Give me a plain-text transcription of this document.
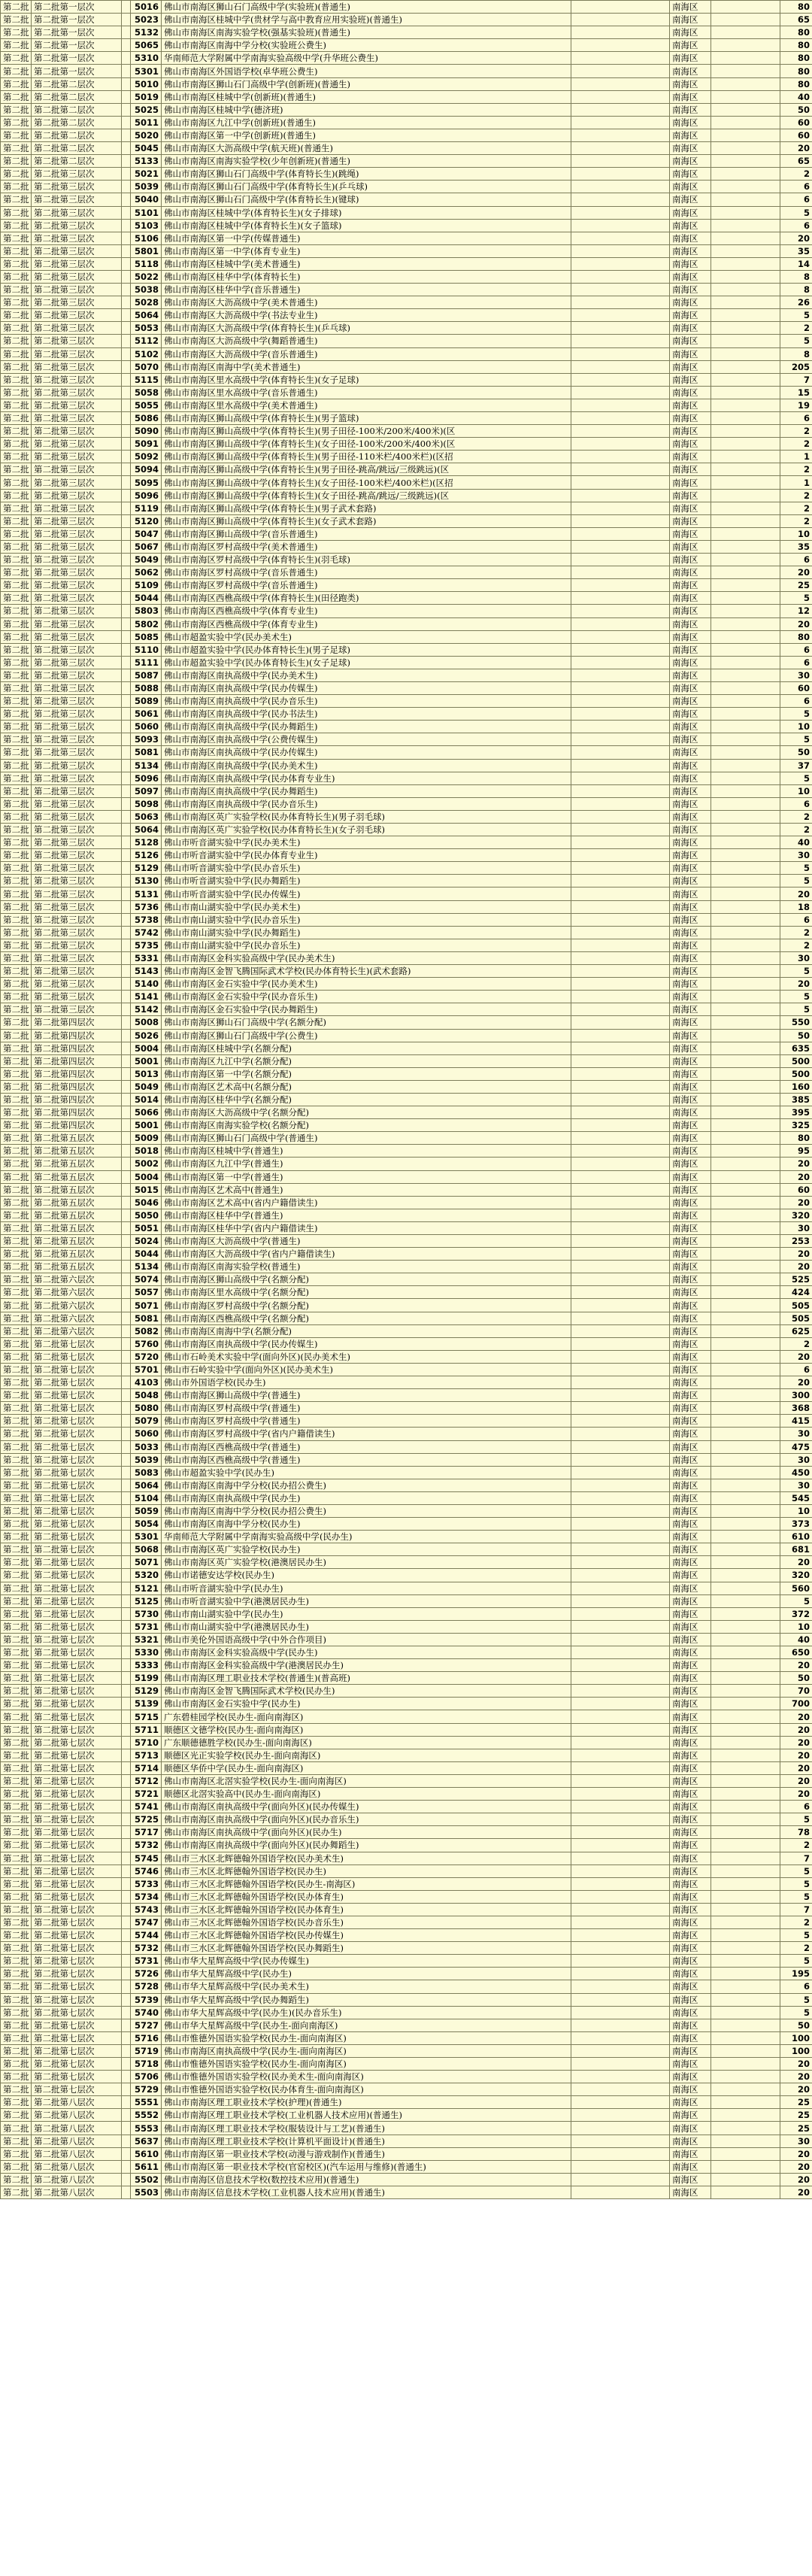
第二批	第二批第一层次		5016	佛山市南海区狮山石门高级中学(实验班)(普通生)		南海区		80
第二批	第二批第一层次		5023	佛山市南海区桂城中学(贵材学与高中教育应用实验班)(普通生)		南海区		65
第二批	第二批第一层次		5132	佛山市南海区南海实验学校(强基实验班)(普通生)		南海区		80
第二批	第二批第一层次		5065	佛山市南海区南海中学分校(实验班公费生)		南海区		80
第二批	第二批第一层次		5310	华南师范大学附属中学南海实验高级中学(升华班公费生)		南海区		80
第二批	第二批第一层次		5301	佛山市南海区外国语学校(卓华班公费生)		南海区		80
第二批	第二批第二层次		5010	佛山市南海区狮山石门高级中学(创新班)(普通生)		南海区		80
第二批	第二批第二层次		5019	佛山市南海区桂城中学(创新班)(普通生)		南海区		40
第二批	第二批第二层次		5025	佛山市南海区桂城中学(德济班)		南海区		50
第二批	第二批第二层次		5011	佛山市南海区九江中学(创新班)(普通生)		南海区		60
第二批	第二批第二层次		5020	佛山市南海区第一中学(创新班)(普通生)		南海区		60
第二批	第二批第二层次		5045	佛山市南海区大沥高级中学(航天班)(普通生)		南海区		20
第二批	第二批第二层次		5133	佛山市南海区南海实验学校(少年创新班)(普通生)		南海区		65
第二批	第二批第三层次		5021	佛山市南海区狮山石门高级中学(体育特长生)(跳绳)		南海区		2
第二批	第二批第三层次		5039	佛山市南海区狮山石门高级中学(体育特长生)(乒乓球)		南海区		6
第二批	第二批第三层次		5040	佛山市南海区狮山石门高级中学(体育特长生)(键球)		南海区		6
第二批	第二批第三层次		5101	佛山市南海区桂城中学(体育特长生)(女子排球)		南海区		5
第二批	第二批第三层次		5103	佛山市南海区桂城中学(体育特长生)(女子篮球)		南海区		6
第二批	第二批第三层次		5106	佛山市南海区第一中学(传媒普通生)		南海区		20
第二批	第二批第三层次		5801	佛山市南海区第一中学(体育专业生)		南海区		35
第二批	第二批第三层次		5118	佛山市南海区桂城中学(美术普通生)		南海区		14
第二批	第二批第三层次		5022	佛山市南海区桂华中学(体育特长生)		南海区		8
第二批	第二批第三层次		5038	佛山市南海区桂华中学(音乐普通生)		南海区		8
第二批	第二批第三层次		5028	佛山市南海区大沥高级中学(美术普通生)		南海区		26
第二批	第二批第三层次		5064	佛山市南海区大沥高级中学(书法专业生)		南海区		5
第二批	第二批第三层次		5053	佛山市南海区大沥高级中学(体育特长生)(乒乓球)		南海区		2
第二批	第二批第三层次		5112	佛山市南海区大沥高级中学(舞蹈普通生)		南海区		5
第二批	第二批第三层次		5102	佛山市南海区大沥高级中学(音乐普通生)		南海区		8
第二批	第二批第三层次		5070	佛山市南海区南海中学(美术普通生)		南海区		205
第二批	第二批第三层次		5115	佛山市南海区里水高级中学(体育特长生)(女子足球)		南海区		7
第二批	第二批第三层次		5058	佛山市南海区里水高级中学(音乐普通生)		南海区		15
第二批	第二批第三层次		5055	佛山市南海区里水高级中学(美术普通生)		南海区		19
第二批	第二批第三层次		5086	佛山市南海区狮山高级中学(体育特长生)(男子篮球)		南海区		6
第二批	第二批第三层次		5090	佛山市南海区狮山高级中学(体育特长生)(男子田径-100米/200米/400米)(区		南海区		2
第二批	第二批第三层次		5091	佛山市南海区狮山高级中学(体育特长生)(女子田径-100米/200米/400米)(区		南海区		2
第二批	第二批第三层次		5092	佛山市南海区狮山高级中学(体育特长生)(男子田径-110米栏/400米栏)(区招		南海区		1
第二批	第二批第三层次		5094	佛山市南海区狮山高级中学(体育特长生)(男子田径-跳高/跳远/三级跳远)(区		南海区		2
第二批	第二批第三层次		5095	佛山市南海区狮山高级中学(体育特长生)(女子田径-100米栏/400米栏)(区招		南海区		1
第二批	第二批第三层次		5096	佛山市南海区狮山高级中学(体育特长生)(女子田径-跳高/跳远/三级跳远)(区		南海区		2
第二批	第二批第三层次		5119	佛山市南海区狮山高级中学(体育特长生)(男子武术套路)		南海区		2
第二批	第二批第三层次		5120	佛山市南海区狮山高级中学(体育特长生)(女子武术套路)		南海区		2
第二批	第二批第三层次		5047	佛山市南海区狮山高级中学(音乐普通生)		南海区		10
第二批	第二批第三层次		5067	佛山市南海区罗村高级中学(美术普通生)		南海区		35
第二批	第二批第三层次		5049	佛山市南海区罗村高级中学(体育特长生)(羽毛球)		南海区		6
第二批	第二批第三层次		5062	佛山市南海区罗村高级中学(音乐普通生)		南海区		20
第二批	第二批第三层次		5109	佛山市南海区罗村高级中学(音乐普通生)		南海区		25
第二批	第二批第三层次		5044	佛山市南海区西樵高级中学(体育特长生)(田径跑类)		南海区		5
第二批	第二批第三层次		5803	佛山市南海区西樵高级中学(体育专业生)		南海区		12
第二批	第二批第三层次		5802	佛山市南海区西樵高级中学(体育专业生)		南海区		20
第二批	第二批第三层次		5085	佛山市超盈实验中学(民办美术生)		南海区		80
第二批	第二批第三层次		5110	佛山市超盈实验中学(民办体育特长生)(男子足球)		南海区		6
第二批	第二批第三层次		5111	佛山市超盈实验中学(民办体育特长生)(女子足球)		南海区		6
第二批	第二批第三层次		5087	佛山市南海区南执高级中学(民办美术生)		南海区		30
第二批	第二批第三层次		5088	佛山市南海区南执高级中学(民办传媒生)		南海区		60
第二批	第二批第三层次		5089	佛山市南海区南执高级中学(民办音乐生)		南海区		6
第二批	第二批第三层次		5061	佛山市南海区南执高级中学(民办书法生)		南海区		5
第二批	第二批第三层次		5060	佛山市南海区南执高级中学(民办舞蹈生)		南海区		10
第二批	第二批第三层次		5093	佛山市南海区南执高级中学(公费传媒生)		南海区		5
第二批	第二批第三层次		5081	佛山市南海区南执高级中学(民办传媒生)		南海区		50
第二批	第二批第三层次		5134	佛山市南海区南执高级中学(民办美术生)		南海区		37
第二批	第二批第三层次		5096	佛山市南海区南执高级中学(民办体育专业生)		南海区		5
第二批	第二批第三层次		5097	佛山市南海区南执高级中学(民办舞蹈生)		南海区		10
第二批	第二批第三层次		5098	佛山市南海区南执高级中学(民办音乐生)		南海区		6
第二批	第二批第三层次		5063	佛山市南海区英广实验学校(民办体育特长生)(男子羽毛球)		南海区		2
第二批	第二批第三层次		5064	佛山市南海区英广实验学校(民办体育特长生)(女子羽毛球)		南海区		2
第二批	第二批第三层次		5128	佛山市听音湖实验中学(民办美术生)		南海区		40
第二批	第二批第三层次		5126	佛山市听音湖实验中学(民办体育专业生)		南海区		30
第二批	第二批第三层次		5129	佛山市听音湖实验中学(民办音乐生)		南海区		5
第二批	第二批第三层次		5130	佛山市听音湖实验中学(民办舞蹈生)		南海区		5
第二批	第二批第三层次		5131	佛山市听音湖实验中学(民办传媒生)		南海区		20
第二批	第二批第三层次		5736	佛山市南山湖实验中学(民办美术生)		南海区		18
第二批	第二批第三层次		5738	佛山市南山湖实验中学(民办音乐生)		南海区		6
第二批	第二批第三层次		5742	佛山市南山湖实验中学(民办舞蹈生)		南海区		2
第二批	第二批第三层次		5735	佛山市南山湖实验中学(民办音乐生)		南海区		2
第二批	第二批第三层次		5331	佛山市南海区金科实验高级中学(民办美术生)		南海区		30
第二批	第二批第三层次		5143	佛山市南海区金智飞腾国际武术学校(民办体育特长生)(武术套路)		南海区		5
第二批	第二批第三层次		5140	佛山市南海区金石实验中学(民办美术生)		南海区		20
第二批	第二批第三层次		5141	佛山市南海区金石实验中学(民办音乐生)		南海区		5
第二批	第二批第三层次		5142	佛山市南海区金石实验中学(民办舞蹈生)		南海区		5
第二批	第二批第四层次		5008	佛山市南海区狮山石门高级中学(名额分配)		南海区		550
第二批	第二批第四层次		5026	佛山市南海区狮山石门高级中学(公费生)		南海区		50
第二批	第二批第四层次		5004	佛山市南海区桂城中学(名额分配)		南海区		635
第二批	第二批第四层次		5001	佛山市南海区九江中学(名额分配)		南海区		500
第二批	第二批第四层次		5013	佛山市南海区第一中学(名额分配)		南海区		500
第二批	第二批第四层次		5049	佛山市南海区艺术高中(名额分配)		南海区		160
第二批	第二批第四层次		5014	佛山市南海区桂华中学(名额分配)		南海区		385
第二批	第二批第四层次		5066	佛山市南海区大沥高级中学(名额分配)		南海区		395
第二批	第二批第四层次		5001	佛山市南海区南海实验学校(名额分配)		南海区		325
第二批	第二批第五层次		5009	佛山市南海区狮山石门高级中学(普通生)		南海区		80
第二批	第二批第五层次		5018	佛山市南海区桂城中学(普通生)		南海区		95
第二批	第二批第五层次		5002	佛山市南海区九江中学(普通生)		南海区		20
第二批	第二批第五层次		5004	佛山市南海区第一中学(普通生)		南海区		20
第二批	第二批第五层次		5015	佛山市南海区艺术高中(普通生)		南海区		60
第二批	第二批第五层次		5046	佛山市南海区艺术高中(省内户籍借读生)		南海区		20
第二批	第二批第五层次		5050	佛山市南海区桂华中学(普通生)		南海区		320
第二批	第二批第五层次		5051	佛山市南海区桂华中学(省内户籍借读生)		南海区		30
第二批	第二批第五层次		5024	佛山市南海区大沥高级中学(普通生)		南海区		253
第二批	第二批第五层次		5044	佛山市南海区大沥高级中学(省内户籍借读生)		南海区		20
第二批	第二批第五层次		5134	佛山市南海区南海实验学校(普通生)		南海区		20
第二批	第二批第六层次		5074	佛山市南海区狮山高级中学(名额分配)		南海区		525
第二批	第二批第六层次		5057	佛山市南海区里水高级中学(名额分配)		南海区		424
第二批	第二批第六层次		5071	佛山市南海区罗村高级中学(名额分配)		南海区		505
第二批	第二批第六层次		5081	佛山市南海区西樵高级中学(名额分配)		南海区		505
第二批	第二批第六层次		5082	佛山市南海区南海中学(名额分配)		南海区		625
第二批	第二批第七层次		5760	佛山市南海区南执高级中学(民办传媒生)		南海区		2
第二批	第二批第七层次		5720	佛山市石岭美术实验中学(面向外区)(民办美术生)		南海区		20
第二批	第二批第七层次		5701	佛山市石岭实验中学(面向外区)(民办美术生)		南海区		6
第二批	第二批第七层次		4103	佛山市外国语学校(民办生)		南海区		20
第二批	第二批第七层次		5048	佛山市南海区狮山高级中学(普通生)		南海区		300
第二批	第二批第七层次		5080	佛山市南海区罗村高级中学(普通生)		南海区		368
第二批	第二批第七层次		5079	佛山市南海区罗村高级中学(普通生)		南海区		415
第二批	第二批第七层次		5060	佛山市南海区罗村高级中学(省内户籍借读生)		南海区		30
第二批	第二批第七层次		5033	佛山市南海区西樵高级中学(普通生)		南海区		475
第二批	第二批第七层次		5039	佛山市南海区西樵高级中学(普通生)		南海区		30
第二批	第二批第七层次		5083	佛山市超盈实验中学(民办生)		南海区		450
第二批	第二批第七层次		5064	佛山市南海区南海中学分校(民办招公费生)		南海区		30
第二批	第二批第七层次		5104	佛山市南海区南执高级中学(民办生)		南海区		545
第二批	第二批第七层次		5059	佛山市南海区南海中学分校(民办招公费生)		南海区		10
第二批	第二批第七层次		5054	佛山市南海区南海中学分校(民办生)		南海区		373
第二批	第二批第七层次		5301	华南师范大学附属中学南海实验高级中学(民办生)		南海区		610
第二批	第二批第七层次		5068	佛山市南海区英广实验学校(民办生)		南海区		681
第二批	第二批第七层次		5071	佛山市南海区英广实验学校(港澳居民办生)		南海区		20
第二批	第二批第七层次		5320	佛山市诺德安达学校(民办生)		南海区		320
第二批	第二批第七层次		5121	佛山市听音湖实验中学(民办生)		南海区		560
第二批	第二批第七层次		5125	佛山市听音湖实验中学(港澳居民办生)		南海区		5
第二批	第二批第七层次		5730	佛山市南山湖实验中学(民办生)		南海区		372
第二批	第二批第七层次		5731	佛山市南山湖实验中学(港澳居民办生)		南海区		10
第二批	第二批第七层次		5321	佛山市美伦外国语高级中学(中外合作项目)		南海区		40
第二批	第二批第七层次		5330	佛山市南海区金科实验高级中学(民办生)		南海区		650
第二批	第二批第七层次		5333	佛山市南海区金科实验高级中学(港澳居民办生)		南海区		20
第二批	第二批第七层次		5199	佛山市南海区理工职业技术学校(普通生)(普高班)		南海区		50
第二批	第二批第七层次		5129	佛山市南海区金智飞腾国际武术学校(民办生)		南海区		70
第二批	第二批第七层次		5139	佛山市南海区金石实验中学(民办生)		南海区		700
第二批	第二批第七层次		5715	广东碧桂园学校(民办生-面向南海区)		南海区		20
第二批	第二批第七层次		5711	顺德区文德学校(民办生-面向南海区)		南海区		20
第二批	第二批第七层次		5710	广东顺德德胜学校(民办生-面向南海区)		南海区		20
第二批	第二批第七层次		5713	顺德区光正实验学校(民办生-面向南海区)		南海区		20
第二批	第二批第七层次		5714	顺德区华侨中学(民办生-面向南海区)		南海区		20
第二批	第二批第七层次		5712	佛山市南海区北滘实验学校(民办生-面向南海区)		南海区		20
第二批	第二批第七层次		5721	顺德区北滘实验高中(民办生-面向南海区)		南海区		20
第二批	第二批第七层次		5741	佛山市南海区南执高级中学(面向外区)(民办传媒生)		南海区		6
第二批	第二批第七层次		5725	佛山市南海区南执高级中学(面向外区)(民办音乐生)		南海区		5
第二批	第二批第七层次		5717	佛山市南海区南执高级中学(面向外区)(民办生)		南海区		78
第二批	第二批第七层次		5732	佛山市南海区南执高级中学(面向外区)(民办舞蹈生)		南海区		2
第二批	第二批第七层次		5745	佛山市三水区北辉德翰外国语学校(民办美术生)		南海区		7
第二批	第二批第七层次		5746	佛山市三水区北辉德翰外国语学校(民办生)		南海区		5
第二批	第二批第七层次		5733	佛山市三水区北辉德翰外国语学校(民办生-南海区)		南海区		5
第二批	第二批第七层次		5734	佛山市三水区北辉德翰外国语学校(民办体育生)		南海区		5
第二批	第二批第七层次		5743	佛山市三水区北辉德翰外国语学校(民办体育生)		南海区		7
第二批	第二批第七层次		5747	佛山市三水区北辉德翰外国语学校(民办音乐生)		南海区		2
第二批	第二批第七层次		5744	佛山市三水区北辉德翰外国语学校(民办传媒生)		南海区		5
第二批	第二批第七层次		5732	佛山市三水区北辉德翰外国语学校(民办舞蹈生)		南海区		2
第二批	第二批第七层次		5731	佛山市华大星辉高级中学(民办传媒生)		南海区		5
第二批	第二批第七层次		5726	佛山市华大星辉高级中学(民办生)		南海区		195
第二批	第二批第七层次		5728	佛山市华大星辉高级中学(民办美术生)		南海区		6
第二批	第二批第七层次		5739	佛山市华大星辉高级中学(民办舞蹈生)		南海区		5
第二批	第二批第七层次		5740	佛山市华大星辉高级中学(民办生)(民办音乐生)		南海区		5
第二批	第二批第七层次		5727	佛山市华大星辉高级中学(民办生-面向南海区)		南海区		50
第二批	第二批第七层次		5716	佛山市惟德外国语实验学校(民办生-面向南海区)		南海区		100
第二批	第二批第七层次		5719	佛山市南海区南执高级中学(民办生-面向南海区)		南海区		100
第二批	第二批第七层次		5718	佛山市惟德外国语实验学校(民办生-面向南海区)		南海区		20
第二批	第二批第七层次		5706	佛山市惟德外国语实验学校(民办美术生-面向南海区)		南海区		20
第二批	第二批第七层次		5729	佛山市惟德外国语实验学校(民办体育生-面向南海区)		南海区		20
第二批	第二批第八层次		5551	佛山市南海区理工职业技术学校(护理)(普通生)		南海区		25
第二批	第二批第八层次		5552	佛山市南海区理工职业技术学校(工业机器人技术应用)(普通生)		南海区		25
第二批	第二批第八层次		5553	佛山市南海区理工职业技术学校(服装设计与工艺)(普通生)		南海区		25
第二批	第二批第八层次		5637	佛山市南海区理工职业技术学校(计算机平面设计)(普通生)		南海区		30
第二批	第二批第八层次		5610	佛山市南海区第一职业技术学校(动漫与游戏制作)(普通生)		南海区		20
第二批	第二批第八层次		5611	佛山市南海区第一职业技术学校(官窑校区)(汽车运用与维修)(普通生)		南海区		20
第二批	第二批第八层次		5502	佛山市南海区信息技术学校(数控技术应用)(普通生)		南海区		20
第二批	第二批第八层次		5503	佛山市南海区信息技术学校(工业机器人技术应用)(普通生)		南海区		20
